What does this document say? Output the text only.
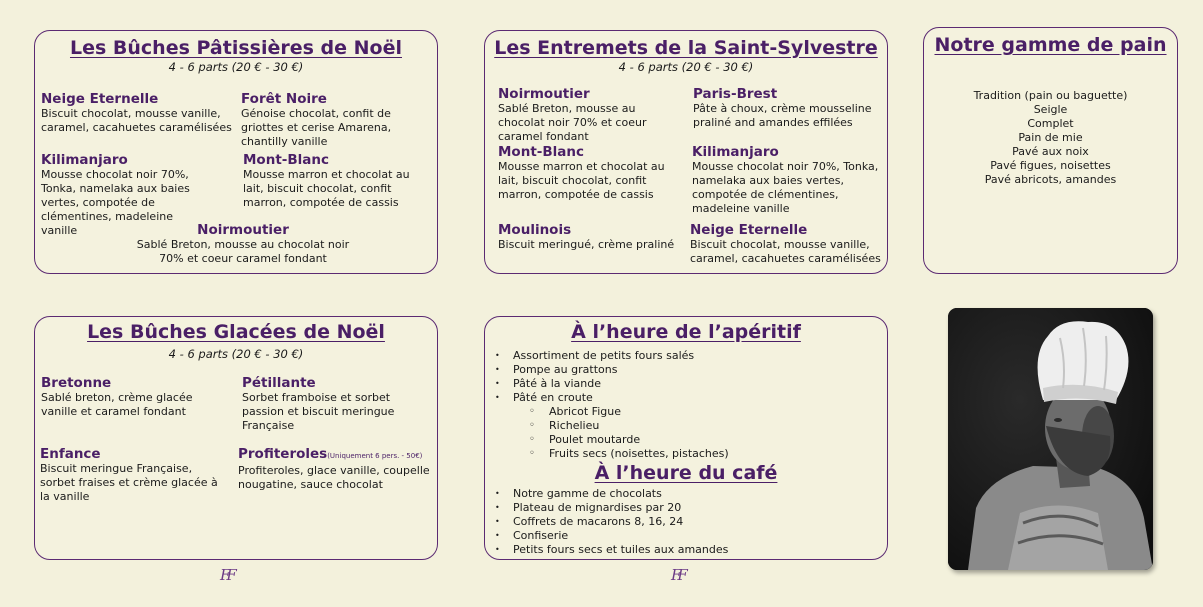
Les Bûches Pâtissières de Noël
4 - 6 parts (20 € - 30 €)
Neige Eternelle
Biscuit chocolat, mousse vanille, caramel, cacahuetes caramélisées
Forêt Noire
Génoise chocolat, confit de griottes et cerise Amarena, chantilly vanille
Kilimanjaro
Mousse chocolat noir 70%, Tonka, namelaka aux baies vertes, compotée de clémentines, madeleine vanille
Mont-Blanc
Mousse marron et chocolat au lait, biscuit chocolat, confit marron, compotée de cassis
Noirmoutier
Sablé Breton, mousse au chocolat noir 70% et coeur caramel fondant
Les Entremets de la Saint-Sylvestre
4 - 6 parts (20 € - 30 €)
Noirmoutier
Sablé Breton, mousse au chocolat noir 70% et coeur caramel fondant
Paris-Brest
Pâte à choux, crème mousseline praliné and amandes effilées
Mont-Blanc
Mousse marron et chocolat au lait, biscuit chocolat, confit marron, compotée de cassis
Kilimanjaro
Mousse chocolat noir 70%, Tonka, namelaka aux baies vertes, compotée de clémentines, madeleine vanille
Moulinois
Biscuit meringué, crème praliné
Neige Eternelle
Biscuit chocolat, mousse vanille, caramel, cacahuetes caramélisées
Notre gamme de pain
Tradition (pain ou baguette)
Seigle
Complet
Pain de mie
Pavé aux noix
Pavé figues, noisettes
Pavé abricots, amandes
Les Bûches Glacées de Noël
4 - 6 parts (20 € - 30 €)
Bretonne
Sablé breton, crème glacée vanille et caramel fondant
Pétillante
Sorbet framboise et sorbet passion et biscuit meringue Française
Enfance
Biscuit meringue Française, sorbet fraises et crème glacée à la vanille
Profiteroles(Uniquement 6 pers. - 50€)
Profiteroles, glace vanille, coupelle nougatine, sauce chocolat
À l’heure de l’apéritif
• Assortiment de petits fours salés
• Pompe au grattons
• Pâté à la viande
• Pâté en croute
◦ Abricot Figue
◦ Richelieu
◦ Poulet moutarde
◦ Fruits secs (noisettes, pistaches)
À l’heure du café
• Notre gamme de chocolats
• Plateau de mignardises par 20
• Coffrets de macarons 8, 16, 24
• Confiserie
• Petits fours secs et tuiles aux amandes
FF	FF
